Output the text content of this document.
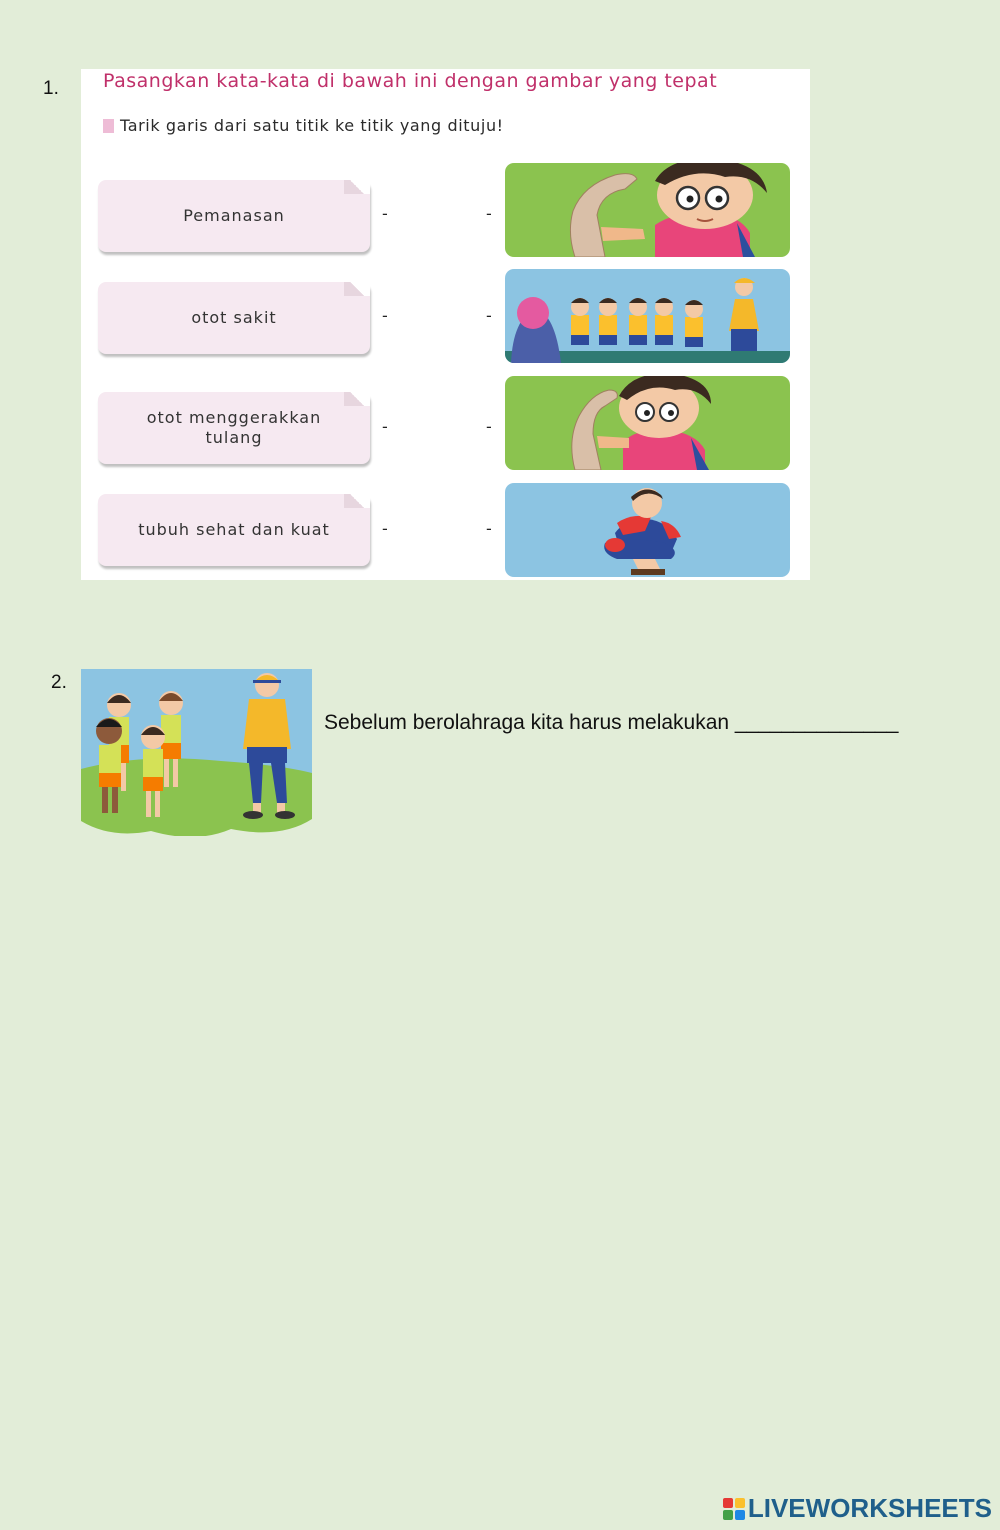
1. Pasangkan kata-kata di bawah ini dengan gambar yang tepat
Tarik garis dari satu titik ke titik yang dituju!
Pemanasan
otot sakit
otot menggerakkan tulang
tubuh sehat dan kuat
-
-
-
-
-
-
-
-
2.
Sebelum berolahraga kita harus melakukan ______________
LIVEWORKSHEETS
